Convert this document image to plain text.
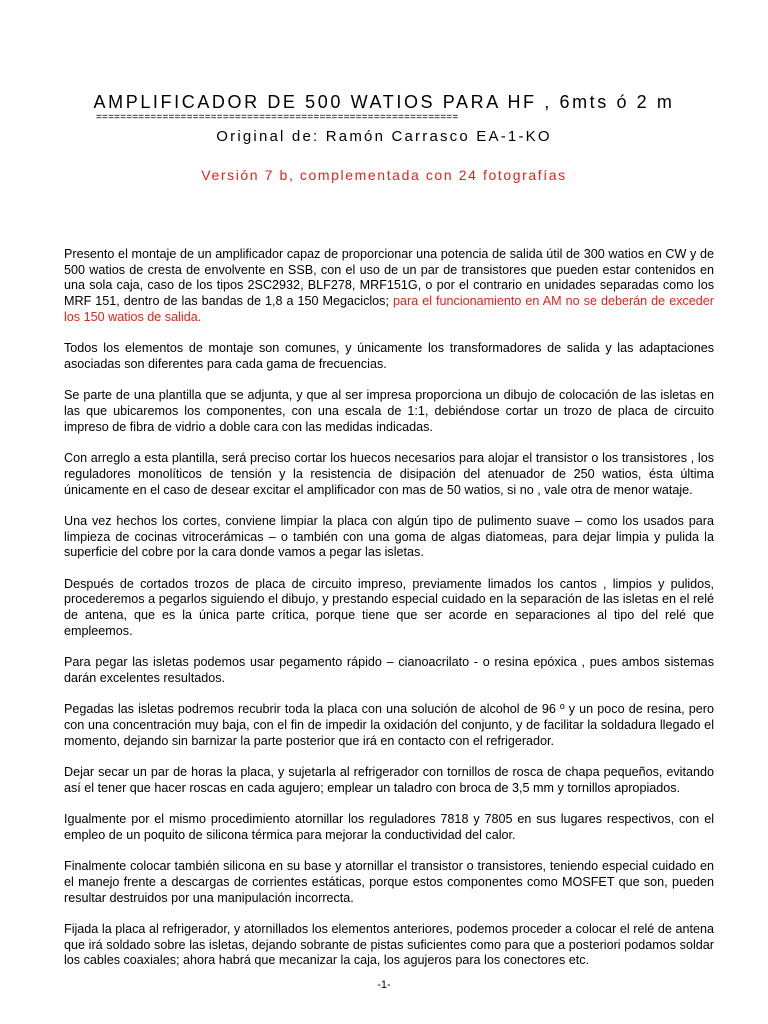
AMPLIFICADOR DE 500 WATIOS PARA HF , 6mts ó 2 m
============================================================
Original de: Ramón Carrasco EA-1-KO
Versión 7 b, complementada con 24 fotografías

Presento el montaje de un amplificador capaz de proporcionar una potencia de salida útil de 300 watios en CW y de 500 watios de cresta de envolvente en SSB, con el uso de un par de transistores que pueden estar contenidos en una sola caja, caso de los tipos 2SC2932, BLF278, MRF151G, o por el contrario en unidades separadas como los MRF 151, dentro de las bandas de 1,8 a 150 Megaciclos; para el funcionamiento en AM no se deberán de exceder los 150 watios de salida.

Todos los elementos de montaje son comunes, y únicamente los transformadores de salida y las adaptaciones asociadas son diferentes para cada gama de frecuencias.

Se parte de una plantilla que se adjunta, y que al ser impresa proporciona un dibujo de colocación de las isletas en las que ubicaremos los componentes, con una escala de 1:1, debiéndose cortar un trozo de placa de circuito impreso de fibra de vidrio a doble cara con las medidas indicadas.

Con arreglo a esta plantilla, será preciso cortar los huecos necesarios para alojar el transistor o los transistores , los reguladores monolíticos de tensión y la resistencia de disipación del atenuador de 250 watios, ésta última únicamente en el caso de desear excitar el amplificador con mas de 50 watios, si no , vale otra de menor wataje.

Una vez hechos los cortes, conviene limpiar la placa con algún tipo de pulimento suave – como los usados para limpieza de cocinas vitrocerámicas – o también con una goma de algas diatomeas, para dejar limpia y pulida la superficie del cobre por la cara donde vamos a pegar las isletas.

Después de cortados trozos de placa de circuito impreso, previamente limados los cantos , limpios y pulidos, procederemos a pegarlos siguiendo el dibujo, y prestando especial cuidado en la separación de las isletas en el relé de antena, que es la única parte crítica, porque tiene que ser acorde en separaciones al tipo del relé que empleemos.

Para pegar las isletas podemos usar pegamento rápido – cianoacrilato - o resina epóxica , pues ambos sistemas darán excelentes resultados.

Pegadas las isletas podremos recubrir toda la placa con una solución de alcohol de 96 º y un poco de resina, pero con una concentración muy baja, con el fin de impedir la oxidación del conjunto, y de facilitar la soldadura llegado el momento, dejando sin barnizar la parte posterior que irá en contacto con el refrigerador.

Dejar secar un par de horas la placa, y sujetarla al refrigerador con tornillos de rosca de chapa pequeños, evitando así el tener que hacer roscas en cada agujero; emplear un taladro con broca de 3,5 mm y tornillos apropiados.

Igualmente por el mismo procedimiento atornillar los reguladores 7818 y 7805 en sus lugares respectivos, con el empleo de un poquito de silicona térmica para mejorar la conductividad del calor.

Finalmente colocar también silicona en su base y atornillar el transistor o transistores, teniendo especial cuidado en el manejo frente a descargas de corrientes estáticas, porque estos componentes como MOSFET que son, pueden resultar destruidos por una manipulación incorrecta.

Fijada la placa al refrigerador, y atornillados los elementos anteriores, podemos proceder a colocar el relé de antena que irá soldado sobre las isletas, dejando sobrante de pistas suficientes como para que a posteriori podamos soldar los cables coaxiales; ahora habrá que mecanizar la caja, los agujeros para los conectores etc.

-1-
